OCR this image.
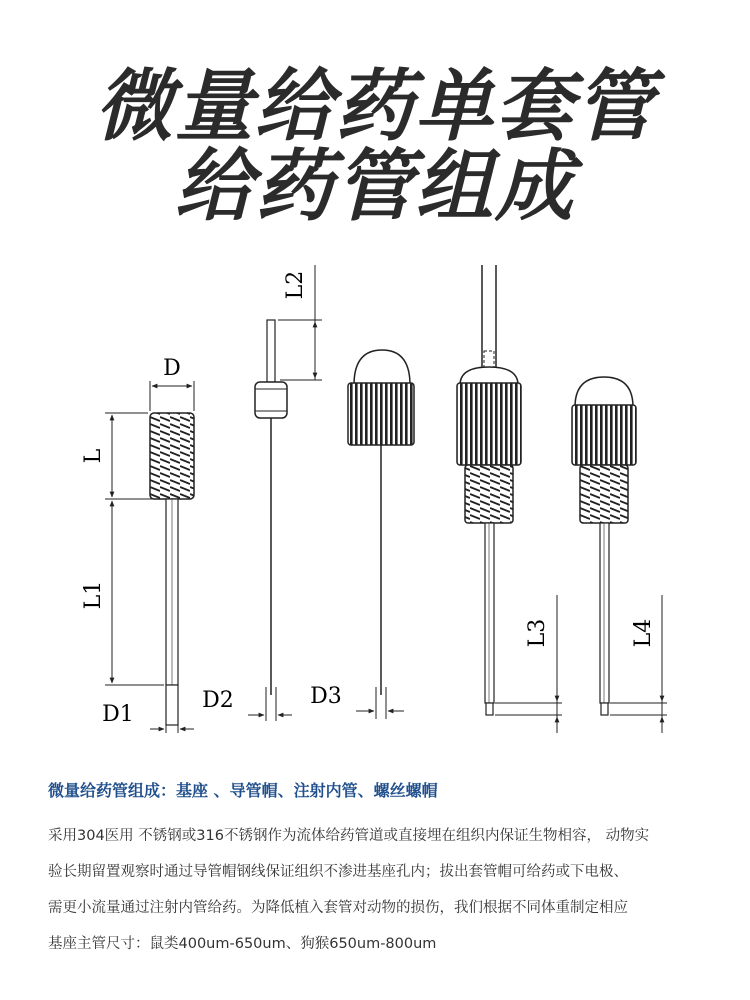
微量给药单套管
给药管组成
D
L
L1
D1
L2
D2	D3
L3	L4
微量给药管组成：基座 、导管帽、注射内管、螺丝螺帽
采用304医用 不锈钢或316不锈钢作为流体给药管道或直接埋在组织内保证生物相容， 动物实
验长期留置观察时通过导管帽钢线保证组织不渗进基座孔内；拔出套管帽可给药或下电极、
需更小流量通过注射内管给药。为降低植入套管对动物的损伤，我们根据不同体重制定相应
基座主管尺寸：鼠类400um-650um、狗猴650um-800um
